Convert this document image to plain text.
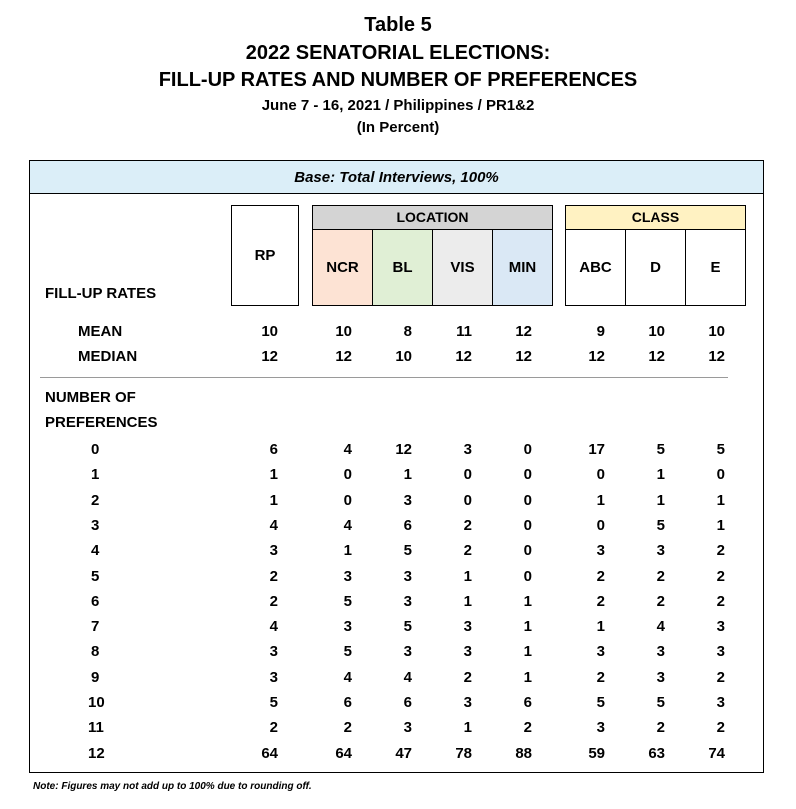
Table 5
2022 SENATORIAL ELECTIONS:
FILL-UP RATES AND NUMBER OF PREFERENCES
June 7 - 16, 2021 / Philippines / PR1&2
(In Percent)
Base: Total Interviews, 100%
RP
LOCATION
NCR	BL	VIS	MIN
CLASS
ABC	D	E
FILL-UP RATES
NUMBER OF
PREFERENCES
MEAN	10	10	8	11	12	9	10	10
MEDIAN	12	12	10	12	12	12	12	12
0	6	4	12	3	0	17	5	5
1	1	0	1	0	0	0	1	0
2	1	0	3	0	0	1	1	1
3	4	4	6	2	0	0	5	1
4	3	1	5	2	0	3	3	2
5	2	3	3	1	0	2	2	2
6	2	5	3	1	1	2	2	2
7	4	3	5	3	1	1	4	3
8	3	5	3	3	1	3	3	3
9	3	4	4	2	1	2	3	2
10	5	6	6	3	6	5	5	3
11	2	2	3	1	2	3	2	2
12	64	64	47	78	88	59	63	74
Note: Figures may not add up to 100% due to rounding off.
